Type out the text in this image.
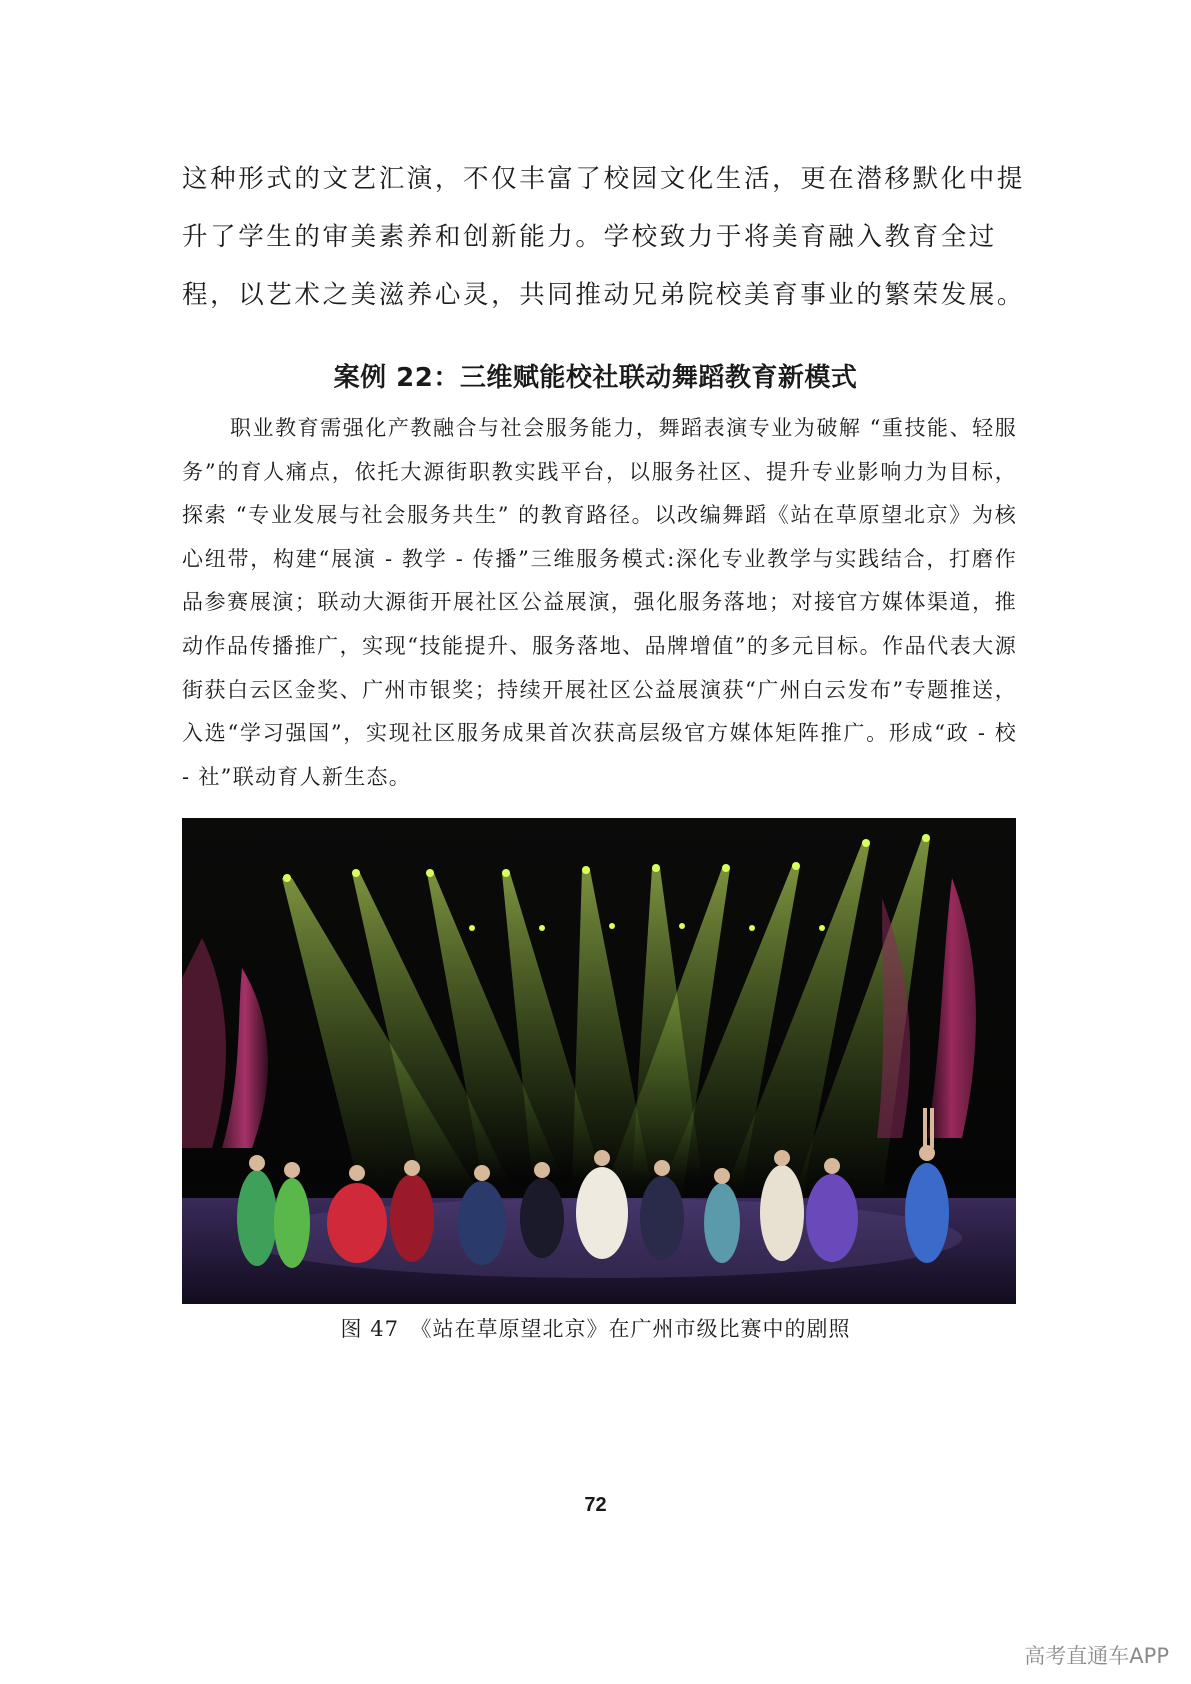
这种形式的文艺汇演，不仅丰富了校园文化生活，更在潜移默化中提升了学生的审美素养和创新能力。学校致力于将美育融入教育全过程，以艺术之美滋养心灵，共同推动兄弟院校美育事业的繁荣发展。

案例 22：三维赋能校社联动舞蹈教育新模式

职业教育需强化产教融合与社会服务能力，舞蹈表演专业为破解 “重技能、轻服务”的育人痛点，依托大源街职教实践平台，以服务社区、提升专业影响力为目标，探索 “专业发展与社会服务共生” 的教育路径。以改编舞蹈《站在草原望北京》为核心纽带，构建“展演 - 教学 - 传播”三维服务模式:深化专业教学与实践结合，打磨作品参赛展演；联动大源街开展社区公益展演，强化服务落地；对接官方媒体渠道，推动作品传播推广，实现“技能提升、服务落地、品牌增值”的多元目标。作品代表大源街获白云区金奖、广州市银奖；持续开展社区公益展演获“广州白云发布”专题推送，入选“学习强国”，实现社区服务成果首次获高层级官方媒体矩阵推广。形成“政 - 校 - 社”联动育人新生态。

图 47　《站在草原望北京》在广州市级比赛中的剧照

72
高考直通车APP
